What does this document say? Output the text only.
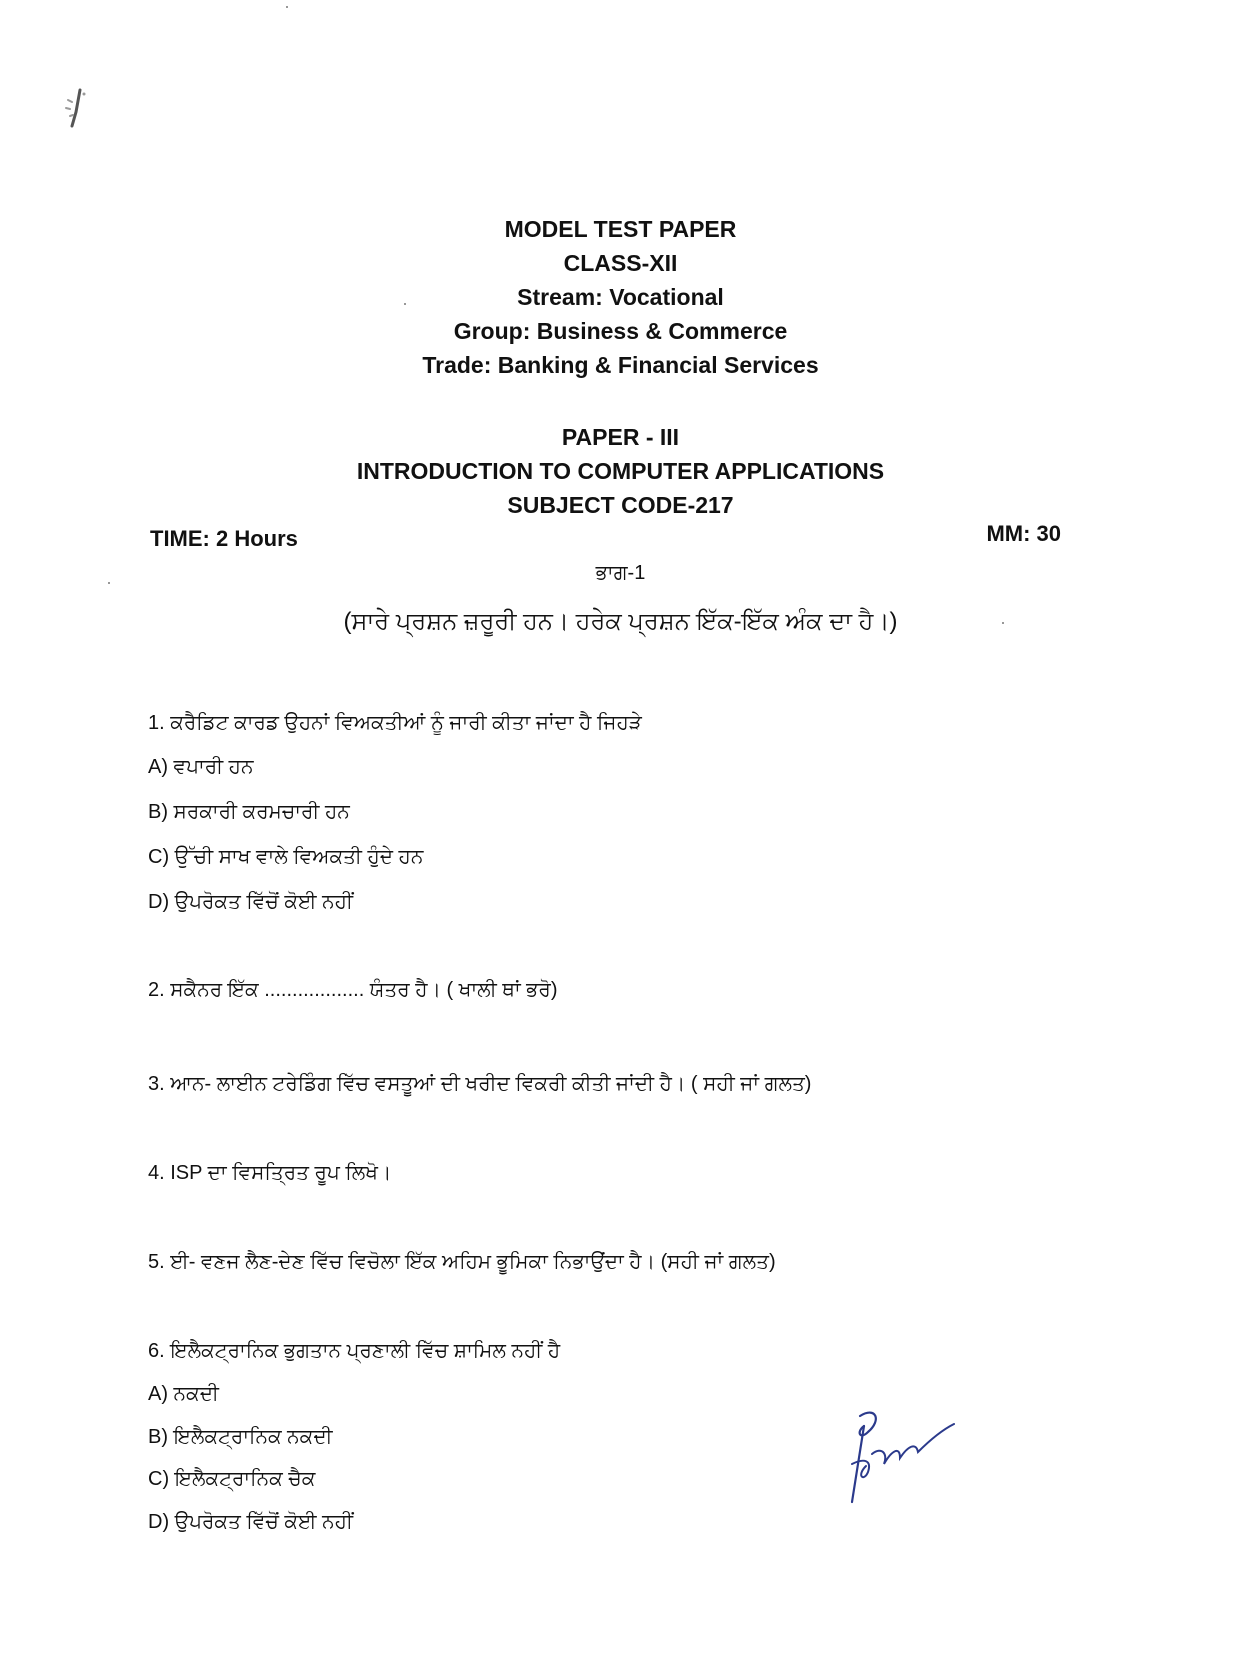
MODEL TEST PAPER
CLASS-XII
Stream: Vocational
Group: Business & Commerce
Trade: Banking & Financial Services
PAPER - III
INTRODUCTION TO COMPUTER APPLICATIONS
SUBJECT CODE-217
TIME: 2 Hours	MM: 30
ਭਾਗ-1
(ਸਾਰੇ ਪ੍ਰਸ਼ਨ ਜ਼ਰੂਰੀ ਹਨ। ਹਰੇਕ ਪ੍ਰਸ਼ਨ ਇੱਕ-ਇੱਕ ਅੰਕ ਦਾ ਹੈ।)
1. ਕਰੈਡਿਟ ਕਾਰਡ ਉਹਨਾਂ ਵਿਅਕਤੀਆਂ ਨੂੰ ਜਾਰੀ ਕੀਤਾ ਜਾਂਦਾ ਹੈ ਜਿਹੜੇ
A) ਵਪਾਰੀ ਹਨ
B) ਸਰਕਾਰੀ ਕਰਮਚਾਰੀ ਹਨ
C) ਉੱਚੀ ਸਾਖ ਵਾਲੇ ਵਿਅਕਤੀ ਹੁੰਦੇ ਹਨ
D) ਉਪਰੋਕਤ ਵਿੱਚੋਂ ਕੋਈ ਨਹੀਂ
2. ਸਕੈਨਰ ਇੱਕ .................. ਯੰਤਰ ਹੈ। ( ਖਾਲੀ ਥਾਂ ਭਰੋ)
3. ਆਨ- ਲਾਈਨ ਟਰੇਡਿੰਗ ਵਿੱਚ ਵਸਤੂਆਂ ਦੀ ਖਰੀਦ ਵਿਕਰੀ ਕੀਤੀ ਜਾਂਦੀ ਹੈ। ( ਸਹੀ ਜਾਂ ਗਲਤ)
4. ISP ਦਾ ਵਿਸਤ੍ਰਿਤ ਰੂਪ ਲਿਖੋ।
5. ਈ- ਵਣਜ ਲੈਣ-ਦੇਣ ਵਿੱਚ ਵਿਚੋਲਾ ਇੱਕ ਅਹਿਮ ਭੂਮਿਕਾ ਨਿਭਾਉਂਦਾ ਹੈ। (ਸਹੀ ਜਾਂ ਗਲਤ)
6. ਇਲੈਕਟ੍ਰਾਨਿਕ ਭੁਗਤਾਨ ਪ੍ਰਣਾਲੀ ਵਿੱਚ ਸ਼ਾਮਿਲ ਨਹੀਂ ਹੈ
A) ਨਕਦੀ
B) ਇਲੈਕਟ੍ਰਾਨਿਕ ਨਕਦੀ
C) ਇਲੈਕਟ੍ਰਾਨਿਕ ਚੈਕ
D) ਉਪਰੋਕਤ ਵਿੱਚੋਂ ਕੋਈ ਨਹੀਂ
